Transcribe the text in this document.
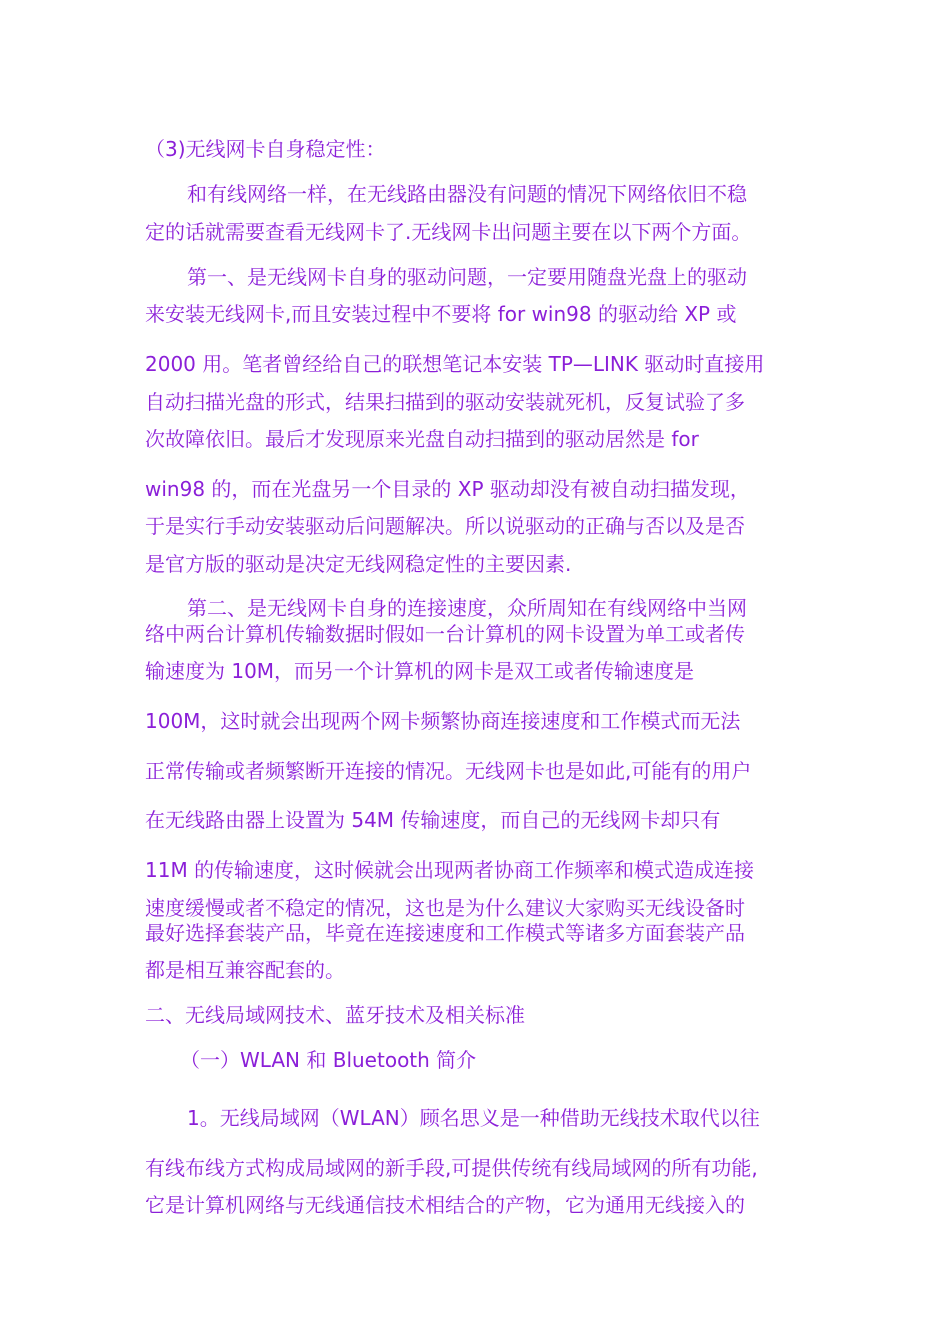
（3)无线网卡自身稳定性：
和有线网络一样，在无线路由器没有问题的情况下网络依旧不稳
定的话就需要查看无线网卡了.无线网卡出问题主要在以下两个方面。
第一、是无线网卡自身的驱动问题，一定要用随盘光盘上的驱动
来安装无线网卡,而且安装过程中不要将 for win98 的驱动给 XP 或
2000 用。笔者曾经给自己的联想笔记本安装 TP—LINK 驱动时直接用
自动扫描光盘的形式，结果扫描到的驱动安装就死机，反复试验了多
次故障依旧。最后才发现原来光盘自动扫描到的驱动居然是 for
win98 的，而在光盘另一个目录的 XP 驱动却没有被自动扫描发现，
于是实行手动安装驱动后问题解决。所以说驱动的正确与否以及是否
是官方版的驱动是决定无线网稳定性的主要因素.
第二、是无线网卡自身的连接速度，众所周知在有线网络中当网
络中两台计算机传输数据时假如一台计算机的网卡设置为单工或者传
输速度为 10M，而另一个计算机的网卡是双工或者传输速度是
100M，这时就会出现两个网卡频繁协商连接速度和工作模式而无法
正常传输或者频繁断开连接的情况。无线网卡也是如此,可能有的用户
在无线路由器上设置为 54M 传输速度，而自己的无线网卡却只有
11M 的传输速度，这时候就会出现两者协商工作频率和模式造成连接
速度缓慢或者不稳定的情况，这也是为什么建议大家购买无线设备时
最好选择套装产品，毕竟在连接速度和工作模式等诸多方面套装产品
都是相互兼容配套的。
二、无线局域网技术、蓝牙技术及相关标准
（一）WLAN 和 Bluetooth 简介
1。无线局域网（WLAN）顾名思义是一种借助无线技术取代以往
有线布线方式构成局域网的新手段,可提供传统有线局域网的所有功能,
它是计算机网络与无线通信技术相结合的产物，它为通用无线接入的
